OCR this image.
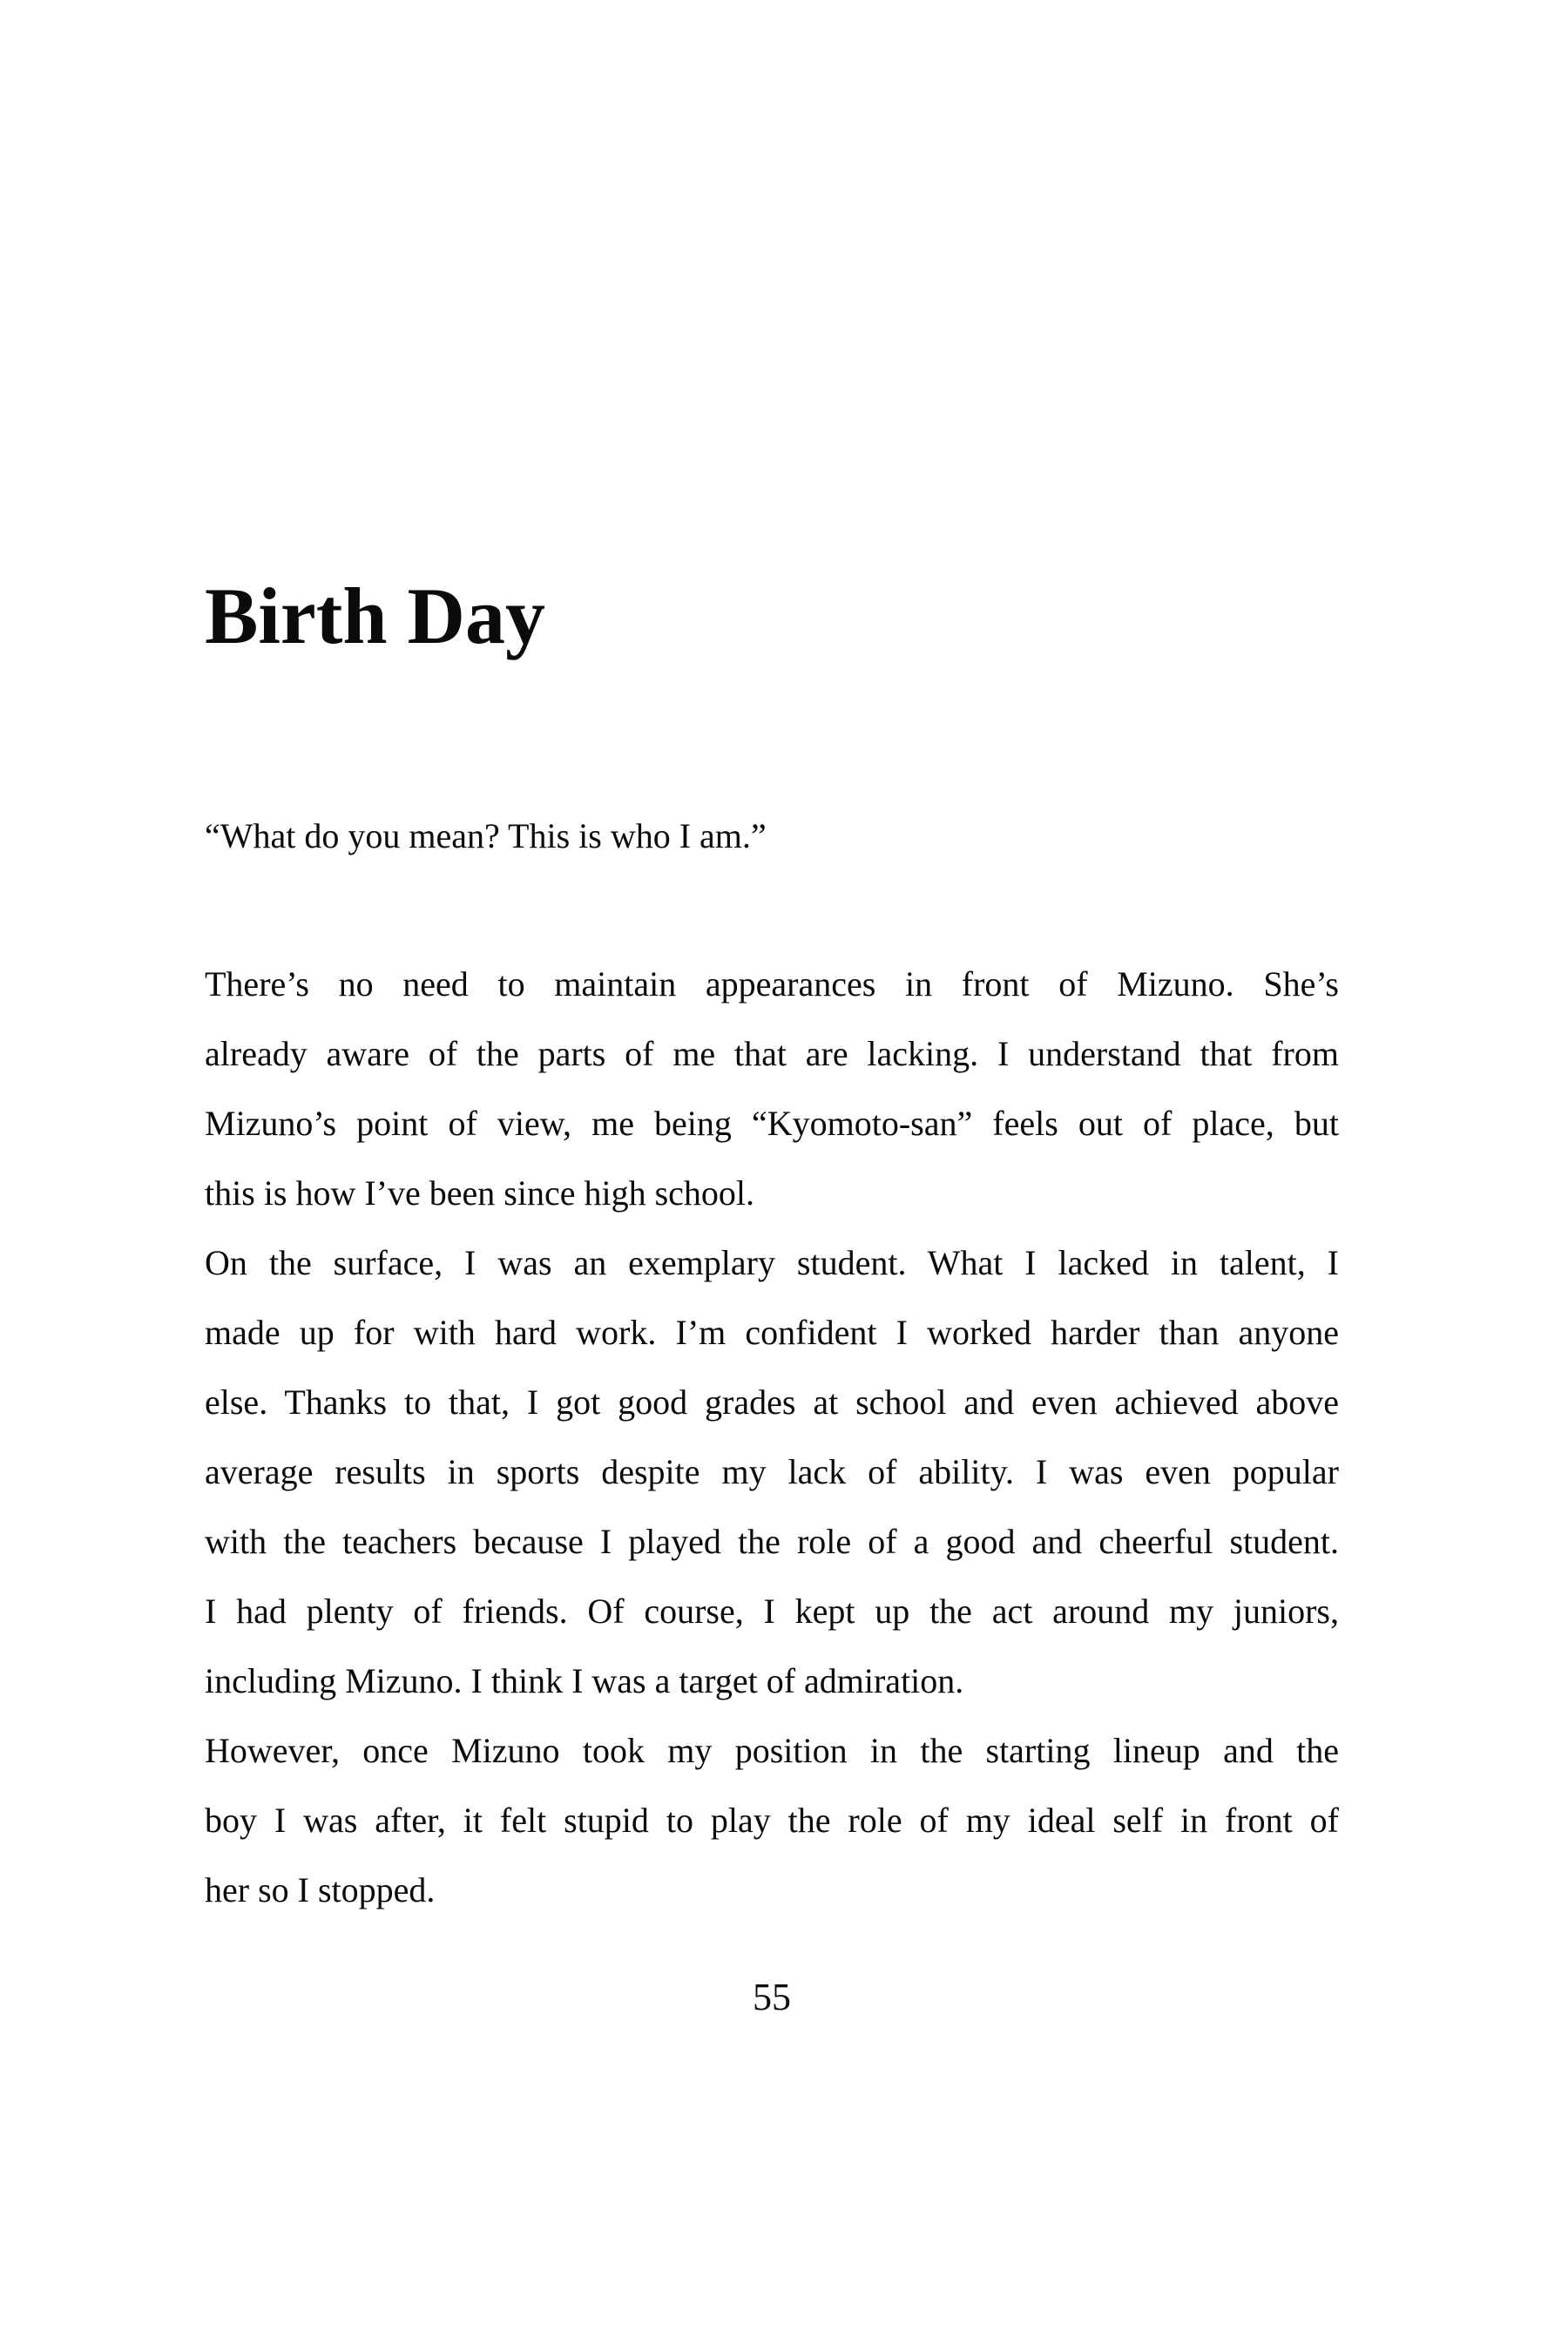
Birth Day

“What do you mean? This is who I am.”

There’s no need to maintain appearances in front of Mizuno. She’s
already aware of the parts of me that are lacking. I understand that from
Mizuno’s point of view, me being “Kyomoto-san” feels out of place, but
this is how I’ve been since high school.
On the surface, I was an exemplary student. What I lacked in talent, I
made up for with hard work. I’m confident I worked harder than anyone
else. Thanks to that, I got good grades at school and even achieved above
average results in sports despite my lack of ability. I was even popular
with the teachers because I played the role of a good and cheerful student.
I had plenty of friends. Of course, I kept up the act around my juniors,
including Mizuno. I think I was a target of admiration.
However, once Mizuno took my position in the starting lineup and the
boy I was after, it felt stupid to play the role of my ideal self in front of
her so I stopped.
55
